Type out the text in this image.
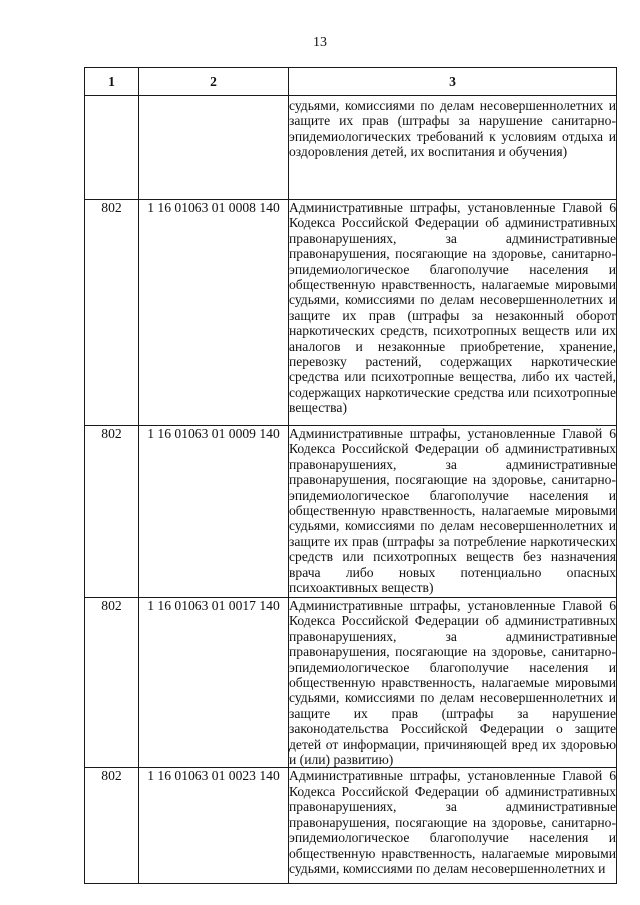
13
1	2	3
		судьями, комиссиями по делам несовершеннолетних и защите их прав (штрафы за нарушение санитарно-эпидемиологических требований к условиям отдыха и оздоровления детей, их воспитания и обучения)
802	1 16 01063 01 0008 140	Административные штрафы, установленные Главой 6 Кодекса Российской Федерации об административных правонарушениях, за административные правонарушения, посягающие на здоровье, санитарно-эпидемиологическое благополучие населения и общественную нравственность, налагаемые мировыми судьями, комиссиями по делам несовершеннолетних и защите их прав (штрафы за незаконный оборот наркотических средств, психотропных веществ или их аналогов и незаконные приобретение, хранение, перевозку растений, содержащих наркотические средства или психотропные вещества, либо их частей, содержащих наркотические средства или психотропные вещества)
802	1 16 01063 01 0009 140	Административные штрафы, установленные Главой 6 Кодекса Российской Федерации об административных правонарушениях, за административные правонарушения, посягающие на здоровье, санитарно-эпидемиологическое благополучие населения и общественную нравственность, налагаемые мировыми судьями, комиссиями по делам несовершеннолетних и защите их прав (штрафы за потребление наркотических средств или психотропных веществ без назначения врача либо новых потенциально опасных психоактивных веществ)
802	1 16 01063 01 0017 140	Административные штрафы, установленные Главой 6 Кодекса Российской Федерации об административных правонарушениях, за административные правонарушения, посягающие на здоровье, санитарно-эпидемиологическое благополучие населения и общественную нравственность, налагаемые мировыми судьями, комиссиями по делам несовершеннолетних и защите их прав (штрафы за нарушение законодательства Российской Федерации о защите детей от информации, причиняющей вред их здоровью и (или) развитию)
802	1 16 01063 01 0023 140	Административные штрафы, установленные Главой 6 Кодекса Российской Федерации об административных правонарушениях, за административные правонарушения, посягающие на здоровье, санитарно-эпидемиологическое благополучие населения и общественную нравственность, налагаемые мировыми судьями, комиссиями по делам несовершеннолетних и
